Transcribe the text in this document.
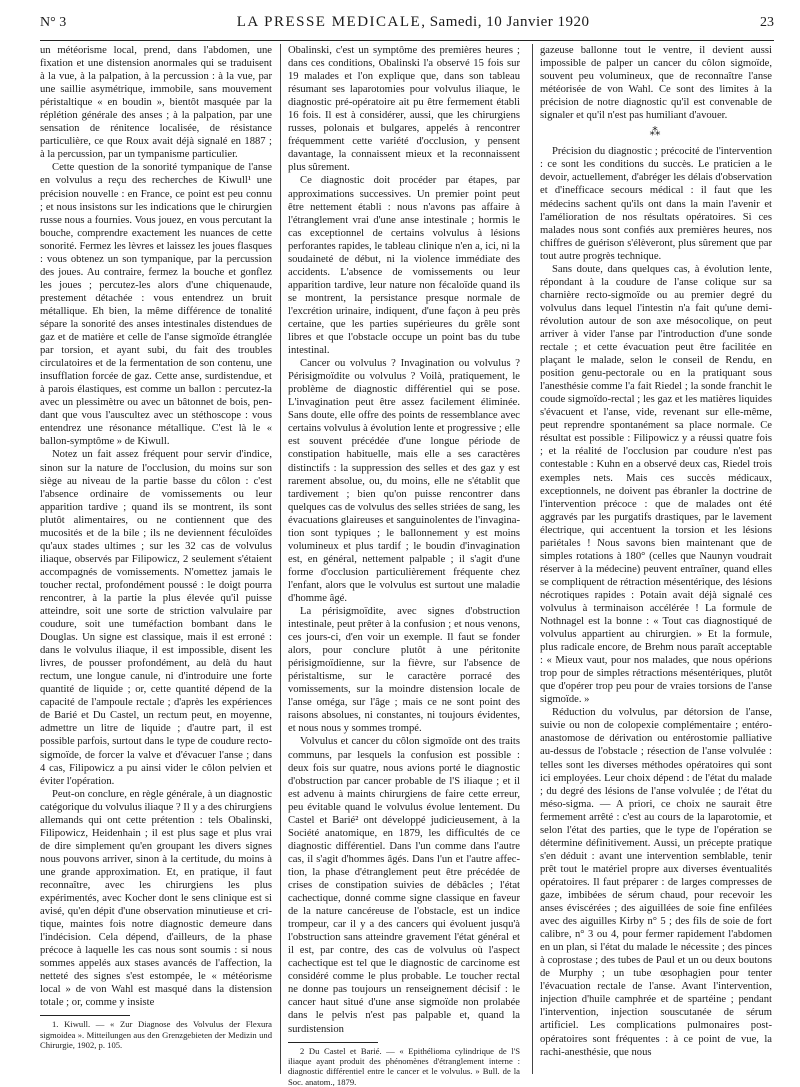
N° 3	LA PRESSE MEDICALE, Samedi, 10 Janvier 1920	23

un météorisme local, prend, dans l'abdomen, une fixation et une distension anormales qui se traduisent à la vue, à la palpation, à la percussion : à la vue, par une saillie asymétrique, immobile, sans mouvement péristaltique « en boudin », bientôt masquée par la réplétion générale des anses ; à la palpation, par une sensation de rénitence localisée, de résistance particulière, ce que Roux avait déjà signalé en 1887 ; à la percussion, par un tympanisme particulier.

Cette question de la sonorité tympanique de l'anse en volvulus a reçu des recherches de Kiwull¹ une précision nouvelle : en France, ce point est peu connu ; et nous insistons sur les indications que le chirurgien russe nous a fournies. Vous jouez, en vous percutant la bouche, comprendre exactement les nuances de cette sonorité. Fermez les lèvres et laissez les joues flasques : vous obtenez un son tympanique, par la percussion des joues. Au contraire, fermez la bouche et gonflez les joues ; percutez-les alors d'une chiquenaude, prestement détachée : vous entendrez un bruit métallique. Eh bien, la même différence de tonalité sépare la sonorité des anses intestinales distendues de gaz et de matière et celle de l'anse sigmoïde étranglée par torsion, et ayant subi, du fait des troubles circulatoires et de la fermentation de son contenu, une insufflation forcée de gaz. Cette anse, surdistendue, et à parois élastiques, est comme un ballon : percutez-la avec un plessimètre ou avec un bâtonnet de bois, pendant que vous l'auscultez avec un stéthoscope : vous entendrez une résonance métallique. C'est là le « ballon-symptôme » de Kiwull.

Notez un fait assez fréquent pour servir d'indice, sinon sur la nature de l'occlusion, du moins sur son siège au niveau de la partie basse du côlon : c'est l'absence ordinaire de vomissements ou leur apparition tardive ; quand ils se montrent, ils sont plutôt alimentaires, ou ne contiennent que des mucosités et de la bile ; ils ne deviennent féculoïdes qu'aux stades ultimes ; sur les 32 cas de volvulus iliaque, observés par Filipowicz, 2 seulement s'étaient accompagnés de vomissements. N'omettez jamais le toucher rectal, profondément poussé : le doigt pourra rencontrer, à la partie la plus élevée qu'il puisse atteindre, soit une sorte de striction valvulaire par coudure, soit une tuméfaction bombant dans le Douglas. Un signe est classique, mais il est erroné : dans le volvulus iliaque, il est impossible, disent les livres, de pousser profondément, au delà du haut rectum, une longue canule, ni d'introduire une forte quantité de liquide ; or, cette quantité dépend de la capacité de l'ampoule rectale ; d'après les expériences de Barié et Du Castel, un rectum peut, en moyenne, admettre un litre de liquide ; d'autre part, il est possible parfois, surtout dans le type de coudure recto-sigmoïde, de forcer la valve et d'évacuer l'anse ; dans 4 cas, Filipowicz a pu ainsi vider le côlon pelvien et éviter l'opération.

Peut-on conclure, en règle générale, à un diagnostic catégorique du volvulus iliaque ? Il y a des chirurgiens allemands qui ont cette prétention : tels Obalinski, Filipowicz, Heidenhain ; il est plus sage et plus vrai de dire simplement qu'en groupant les divers signes nous pouvons arriver, sinon à la certitude, du moins à une grande approximation. Et, en pratique, il faut reconnaître, avec les chirurgiens les plus expérimentés, avec Kocher dont le sens clinique est si avisé, qu'en dépit d'une observation minutieuse et critique, maintes fois notre diagnostic demeure dans l'indécision. Cela dépend, d'ailleurs, de la phase précoce à laquelle les cas nous sont soumis : si nous sommes appelés aux stases avancés de l'affection, la netteté des signes s'est estompée, le « météorisme local » de von Wahl est masqué dans la distension totale ; or, comme y insiste

1. Kiwull. — « Zur Diagnose des Volvulus der Flexura sigmoidea ». Mitteilungen aus den Grenzgebieten der Medizin und Chirurgie, 1902, p. 105.

Obalinski, c'est un symptôme des premières heures ; dans ces conditions, Obalinski l'a observé 15 fois sur 19 malades et l'on explique que, dans son tableau résumant ses laparotomies pour volvulus iliaque, le diagnostic pré-opératoire ait pu être fermement établi 16 fois. Il est à considérer, aussi, que les chirurgiens russes, polonais et bulgares, appelés à rencontrer fréquemment cette variété d'occlusion, y pensent davantage, la connaissent mieux et la reconnaissent plus sûrement.

Ce diagnostic doit procéder par étapes, par approximations successives. Un premier point peut être nettement établi : nous n'avons pas affaire à l'étranglement vrai d'une anse intestinale ; hormis le cas exceptionnel de certains volvulus à lésions perforantes rapides, le tableau clinique n'en a, ici, ni la soudaineté de début, ni la violence immédiate des accidents. L'absence de vomissements ou leur apparition tardive, leur nature non fécaloïde quand ils se montrent, la persistance presque normale de l'excrétion urinaire, indiquent, d'une façon à peu près certaine, que les parties supérieures du grêle sont libres et que l'obstacle occupe un point bas du tube intestinal.

Cancer ou volvulus ? Invagination ou volvulus ? Périsigmoïdite ou volvulus ? Voilà, pratiquement, le problème de diagnostic différentiel qui se pose. L'invagination peut être assez facilement éliminée. Sans doute, elle offre des points de ressemblance avec certains volvulus à évolution lente et progressive ; elle est souvent précédée d'une longue période de constipation habituelle, mais elle a ses caractères distinctifs : la suppression des selles et des gaz y est rarement absolue, ou, du moins, elle ne s'établit que tardivement ; bien qu'on puisse rencontrer dans quelques cas de volvulus des selles striées de sang, les évacuations glaireuses et sanguinolentes de l'invagination sont typiques ; le ballonnement y est moins volumineux et plus tardif ; le boudin d'invagination est, en général, nettement palpable ; il s'agit d'une forme d'occlusion particulièrement fréquente chez l'enfant, alors que le volvulus est surtout une maladie d'homme âgé.

La périsigmoïdite, avec signes d'obstruction intestinale, peut prêter à la confusion ; et nous venons, ces jours-ci, d'en voir un exemple. Il faut se fonder alors, pour conclure plutôt à une péritonite périsigmoïdienne, sur la fièvre, sur l'absence de péristaltisme, sur le caractère porracé des vomissements, sur la moindre distension locale de l'anse oméga, sur l'âge ; mais ce ne sont point des raisons absolues, ni constantes, ni toujours évidentes, et nous nous y sommes trompé.

Volvulus et cancer du côlon sigmoïde ont des traits communs, par lesquels la confusion est possible : deux fois sur quatre, nous avions porté le diagnostic d'obstruction par cancer probable de l'S iliaque ; et il est advenu à maints chirurgiens de faire cette erreur, peu évitable quand le volvulus évolue lentement. Du Castel et Barié² ont développé judicieusement, à la Société anatomique, en 1879, les difficultés de ce diagnostic différentiel. Dans l'un comme dans l'autre cas, il s'agit d'hommes âgés. Dans l'un et l'autre affection, la phase d'étranglement peut être précédée de crises de constipation suivies de débâcles ; l'état cachectique, donné comme signe classique en faveur de la nature cancéreuse de l'obstacle, est un indice trompeur, car il y a des cancers qui évoluent jusqu'à l'obstruction sans atteindre gravement l'état général et il est, par contre, des cas de volvulus où l'aspect cachectique est tel que le diagnostic de carcinome est considéré comme le plus probable. Le toucher rectal ne donne pas toujours un renseignement décisif : le cancer haut situé d'une anse sigmoïde non prolabée dans le pelvis n'est pas palpable et, quand la surdistension

2 Du Castel et Barié. — « Epithélioma cylindrique de l'S iliaque ayant produit des phénomènes d'étranglement interne : diagnostic différentiel entre le cancer et le volvulus. » Bull. de la Soc. anatom., 1879.

gazeuse ballonne tout le ventre, il devient aussi impossible de palper un cancer du côlon sigmoïde, souvent peu volumineux, que de reconnaître l'anse météorisée de von Wahl. Ce sont des limites à la précision de notre diagnostic qu'il est convenable de signaler et qu'il n'est pas humiliant d'avouer.

⁂

Précision du diagnostic ; précocité de l'intervention : ce sont les conditions du succès. Le praticien a le devoir, actuellement, d'abréger les délais d'observation et d'inefficace secours médical : il faut que les médecins sachent qu'ils ont dans la main l'avenir et l'amélioration de nos résultats opératoires. Si ces malades nous sont confiés aux premières heures, nos chiffres de guérison s'élèveront, plus sûrement que par tout autre progrès technique.

Sans doute, dans quelques cas, à évolution lente, répondant à la coudure de l'anse colique sur sa charnière recto-sigmoïde ou au premier degré du volvulus dans lequel l'intestin n'a fait qu'une demi-révolution autour de son axe mésocolique, on peut arriver à vider l'anse par l'introduction d'une sonde rectale ; et cette évacuation peut être facilitée en plaçant le malade, selon le conseil de Rendu, en position genu-pectorale ou en la pratiquant sous l'anesthésie comme l'a fait Riedel ; la sonde franchit le coude sigmoïdo-rectal ; les gaz et les matières liquides s'évacuent et l'anse, vide, revenant sur elle-même, peut reprendre spontanément sa place normale. Ce résultat est possible : Filipowicz y a réussi quatre fois ; et la réalité de l'occlusion par coudure n'est pas contestable : Kuhn en a observé deux cas, Riedel trois exemples nets. Mais ces succès médicaux, exceptionnels, ne doivent pas ébranler la doctrine de l'intervention précoce : que de malades ont été aggravés par les purgatifs drastiques, par le lavement électrique, qui accentuent la torsion et les lésions pariétales ! Nous savons bien maintenant que de simples rotations à 180° (celles que Naunyn voudrait réserver à la médecine) peuvent entraîner, quand elles se compliquent de rétraction mésentérique, des lésions nécrotiques rapides : Potain avait déjà signalé ces volvulus à terminaison accélérée ! La formule de Nothnagel est la bonne : « Tout cas diagnostiqué de volvulus appartient au chirurgien. » Et la formule, plus radicale encore, de Brehm nous paraît acceptable : « Mieux vaut, pour nos malades, que nous opérions trop pour de simples rétractions mésentériques, plutôt que d'opérer trop peu pour de vraies torsions de l'anse sigmoïde. »

Réduction du volvulus, par détorsion de l'anse, suivie ou non de colopexie complémentaire ; entéroanastomose de dérivation ou entérostomie palliative au-dessus de l'obstacle ; résection de l'anse volvulée : telles sont les diverses méthodes opératoires qui sont ici employées. Leur choix dépend : de l'état du malade ; du degré des lésions de l'anse volvulée ; de l'état du méso-sigma. — A priori, ce choix ne saurait être fermement arrêté : c'est au cours de la laparotomie, et selon l'état des parties, que le type de l'opération se détermine définitivement. Aussi, un précepte pratique s'en déduit : avant une intervention semblable, tenir prêt tout le matériel propre aux diverses éventualités opératoires. Il faut préparer : de larges compresses de gaze, imbibées de sérum chaud, pour recevoir les anses éviscérées ; des aiguillées de soie fine enfilées avec des aiguilles Kirby n° 5 ; des fils de soie de fort calibre, n° 3 ou 4, pour fermer rapidement l'abdomen en un plan, si l'état du malade le nécessite ; des pinces à coprostase ; des tubes de Paul et un ou deux boutons de Murphy ; un tube œsophagien pour tenter l'évacuation rectale de l'anse. Avant l'intervention, injection d'huile camphrée et de spartéine ; pendant l'intervention, injection souscutanée de sérum artificiel. Les complications pulmonaires post-opératoires sont fréquentes : à ce point de vue, la rachi-anesthésie, que nous
